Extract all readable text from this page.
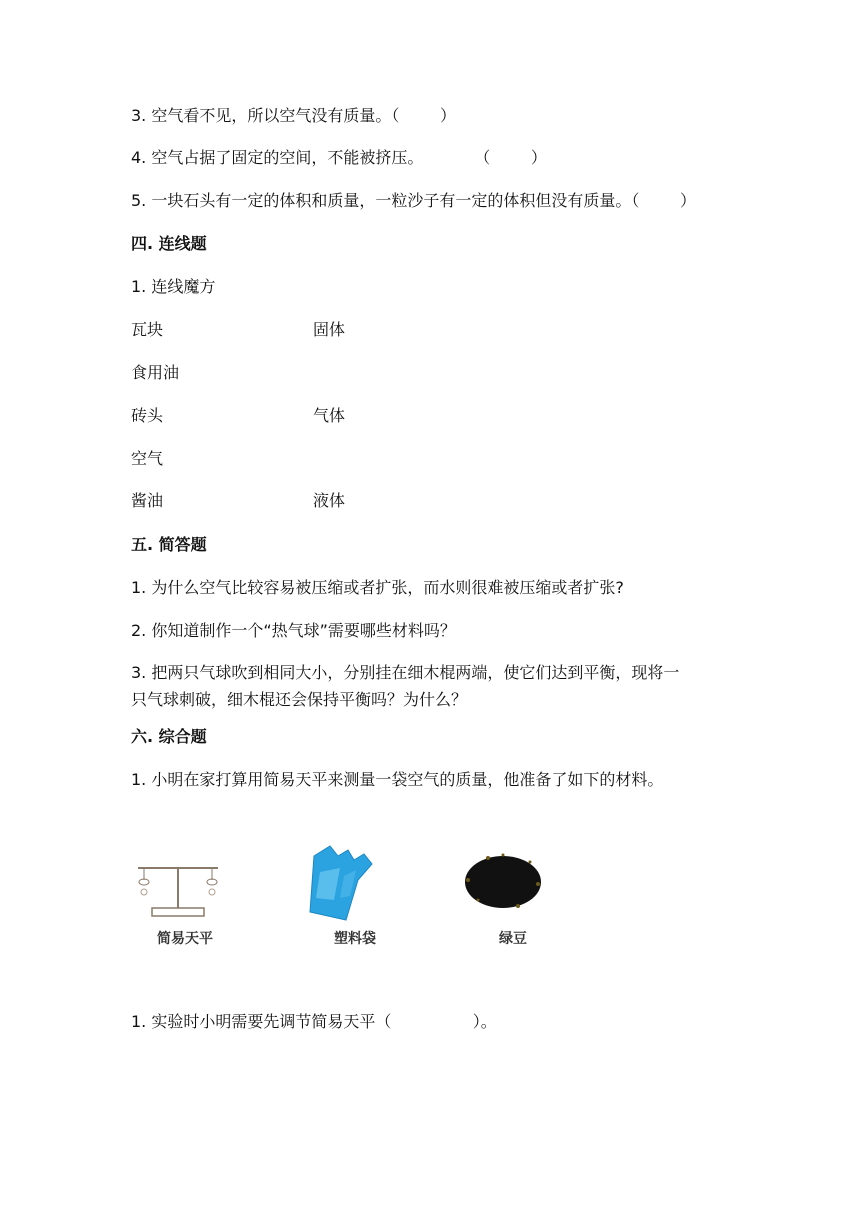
3. 空气看不见，所以空气没有质量。（        ）

4. 空气占据了固定的空间，不能被挤压。          （        ）

5. 一块石头有一定的体积和质量，一粒沙子有一定的体积但没有质量。（        ）

四. 连线题

1. 连线魔方

瓦块	固体

食用油

砖头	气体

空气

酱油	液体

五. 简答题

1. 为什么空气比较容易被压缩或者扩张，而水则很难被压缩或者扩张?

2. 你知道制作一个“热气球”需要哪些材料吗？

3. 把两只气球吹到相同大小，分别挂在细木棍两端，使它们达到平衡，现将一

只气球刺破，细木棍还会保持平衡吗？为什么？

六. 综合题

1. 小明在家打算用简易天平来测量一袋空气的质量，他准备了如下的材料。

简易天平	塑料袋	绿豆

1. 实验时小明需要先调节简易天平（                ）。
